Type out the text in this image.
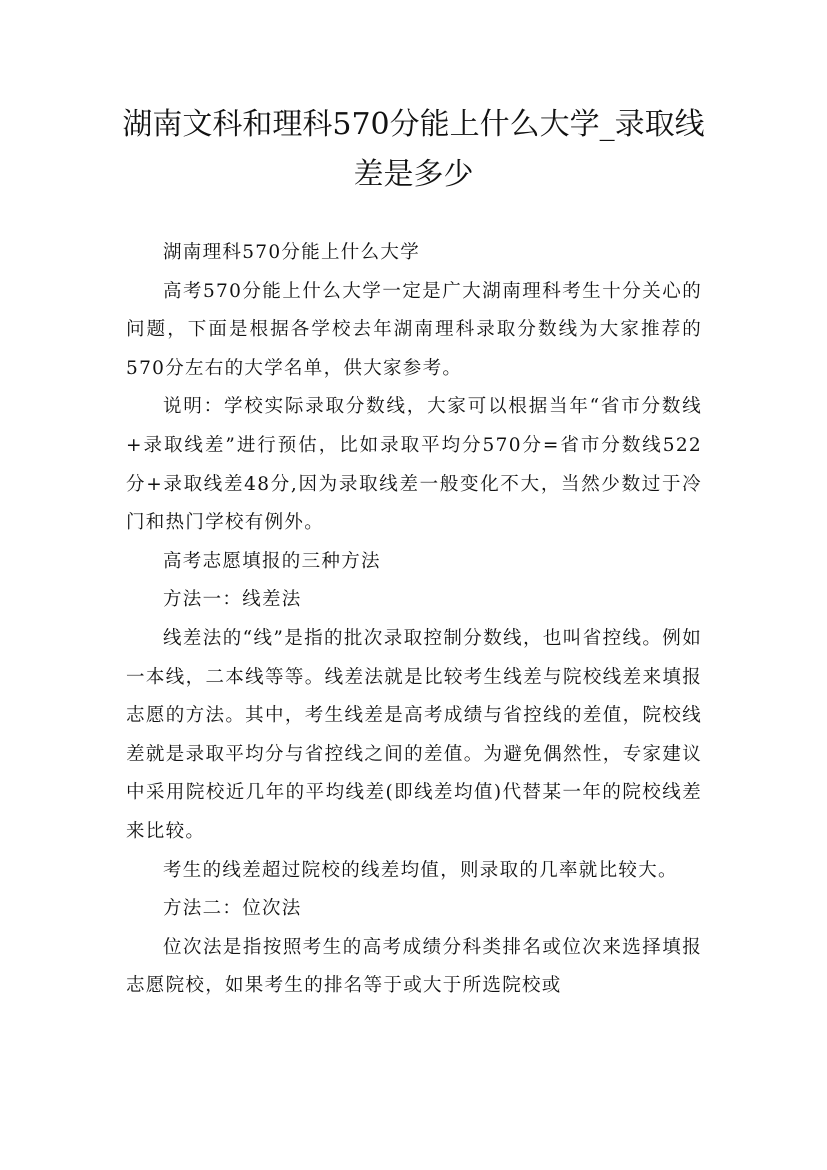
湖南文科和理科570分能上什么大学_录取线差是多少

湖南理科570分能上什么大学

高考570分能上什么大学一定是广大湖南理科考生十分关心的问题，下面是根据各学校去年湖南理科录取分数线为大家推荐的570分左右的大学名单，供大家参考。

说明：学校实际录取分数线，大家可以根据当年“省市分数线+录取线差”进行预估，比如录取平均分570分=省市分数线522分+录取线差48分,因为录取线差一般变化不大，当然少数过于冷门和热门学校有例外。

高考志愿填报的三种方法

方法一：线差法

线差法的“线”是指的批次录取控制分数线，也叫省控线。例如一本线，二本线等等。线差法就是比较考生线差与院校线差来填报志愿的方法。其中，考生线差是高考成绩与省控线的差值，院校线差就是录取平均分与省控线之间的差值。为避免偶然性，专家建议中采用院校近几年的平均线差(即线差均值)代替某一年的院校线差来比较。

考生的线差超过院校的线差均值，则录取的几率就比较大。

方法二：位次法

位次法是指按照考生的高考成绩分科类排名或位次来选择填报志愿院校，如果考生的排名等于或大于所选院校或
